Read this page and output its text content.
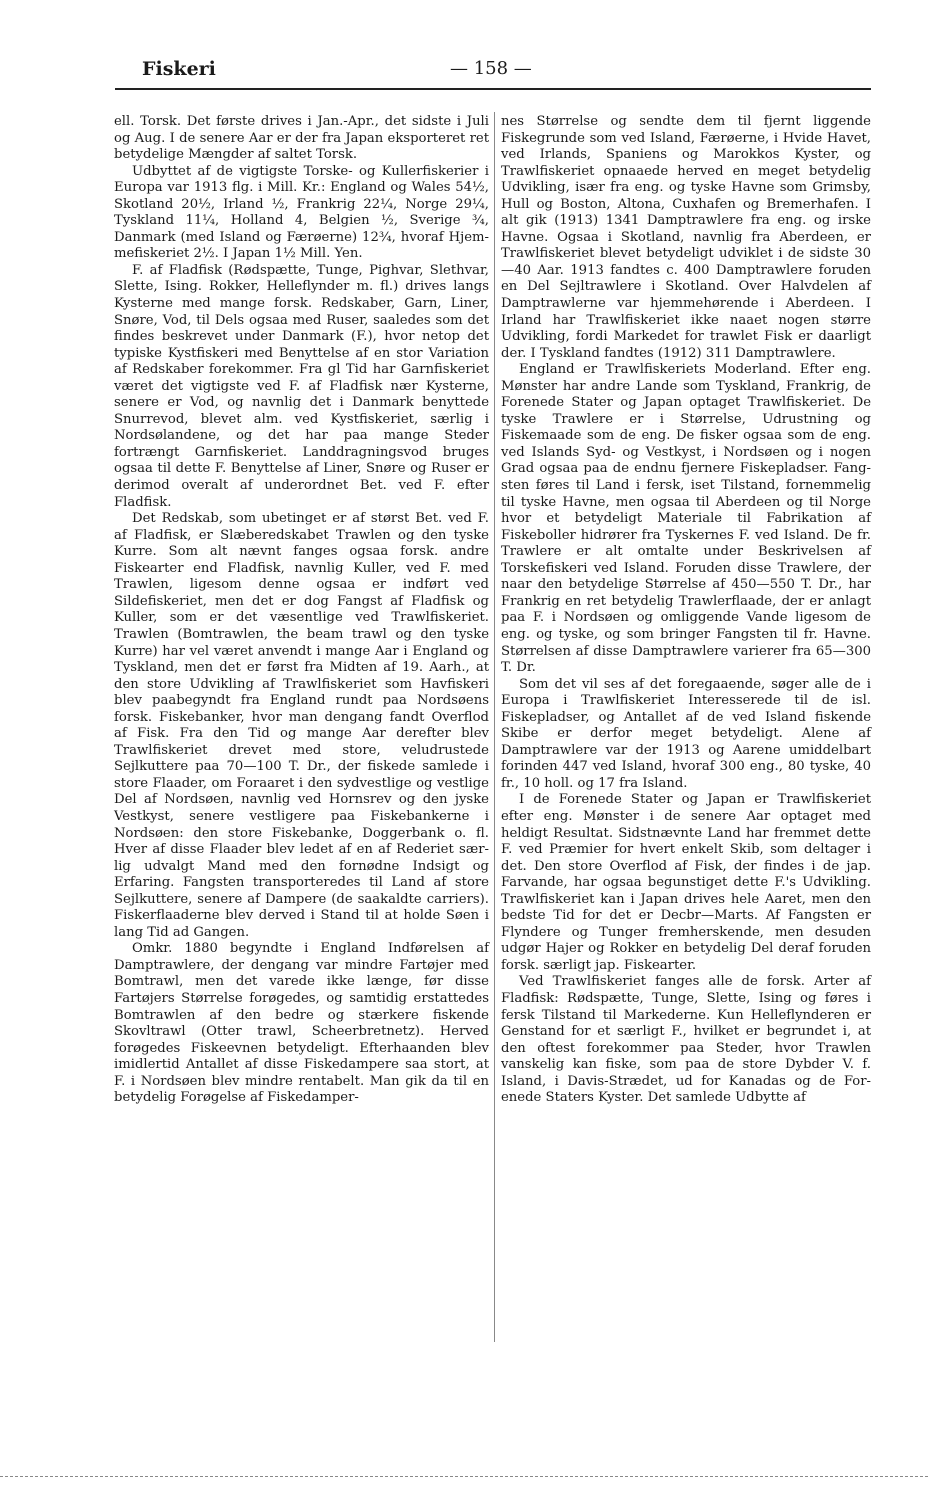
Fiskeri	— 158 —

ell. Torsk. Det første drives i Jan.-Apr., det sidste i Juli og Aug. I de senere Aar er der fra Japan eksporteret ret betydelige Mængder af saltet Torsk.

Udbyttet af de vigtigste Torske- og Kullerfiskerier i Europa var 1913 flg. i Mill. Kr.: England og Wales 54½, Skotland 20½, Irland ½, Frankrig 22¼, Norge 29¼, Tyskland 11¼, Holland 4, Belgien ½, Sverige ¾, Danmark (med Island og Færøerne) 12¾, hvoraf Hjemmefiskeriet 2½. I Japan 1½ Mill. Yen.

F. af Fladfisk (Rødspætte, Tunge, Pighvar, Slethvar, Slette, Ising. Rokker, Helleflynder m. fl.) drives langs Kysterne med mange forsk. Redskaber, Garn, Liner, Snøre, Vod, til Dels ogsaa med Ruser, saaledes som det findes beskrevet under Danmark (F.), hvor netop det typiske Kystfiskeri med Benyttelse af en stor Variation af Redskaber forekommer. Fra gl Tid har Garnfiskeriet været det vigtigste ved F. af Fladfisk nær Kysterne, senere er Vod, og navnlig det i Danmark benyttede Snurrevod, blevet alm. ved Kystfiskeriet, særlig i Nordsølandene, og det har paa mange Steder fortrængt Garnfiskeriet. Landdragningsvod bruges ogsaa til dette F. Benyttelse af Liner, Snøre og Ruser er derimod overalt af underordnet Bet. ved F. efter Fladfisk.

Det Redskab, som ubetinget er af størst Bet. ved F. af Fladfisk, er Slæberedskabet Trawlen og den tyske Kurre. Som alt nævnt fanges ogsaa forsk. andre Fiskearter end Fladfisk, navnlig Kuller, ved F. med Trawlen, ligesom denne ogsaa er indført ved Sildefiskeriet, men det er dog Fangst af Fladfisk og Kuller, som er det væsentlige ved Trawlfiskeriet. Trawlen (Bomtrawlen, the beam trawl og den tyske Kurre) har vel været anvendt i mange Aar i England og Tyskland, men det er først fra Midten af 19. Aarh., at den store Udvikling af Trawlfiskeriet som Havfiskeri blev paabegyndt fra England rundt paa Nordsøens forsk. Fiskebanker, hvor man dengang fandt Overflod af Fisk. Fra den Tid og mange Aar derefter blev Trawlfiskeriet drevet med store, veludrustede Sejlkuttere paa 70—100 T. Dr., der fiskede samlede i store Flaader, om Foraaret i den sydvestlige og vestlige Del af Nordsøen, navnlig ved Hornsrev og den jyske Vestkyst, senere vestligere paa Fiskebankerne i Nordsøen: den store Fiskebanke, Doggerbank o. fl. Hver af disse Flaader blev ledet af en af Rederiet særlig udvalgt Mand med den fornødne Indsigt og Erfaring. Fangsten transporteredes til Land af store Sejlkuttere, senere af Dampere (de saakaldte carriers). Fiskerflaaderne blev derved i Stand til at holde Søen i lang Tid ad Gangen.

Omkr. 1880 begyndte i England Indførelsen af Damptrawlere, der dengang var mindre Fartøjer med Bomtrawl, men det varede ikke længe, før disse Fartøjers Størrelse forøgedes, og samtidig erstattedes Bomtrawlen af den bedre og stærkere fiskende Skovltrawl (Otter trawl, Scheerbretnetz). Herved forøgedes Fiskeevnen betydeligt. Efterhaanden blev imidlertid Antallet af disse Fiskedampere saa stort, at F. i Nordsøen blev mindre rentabelt. Man gik da til en betydelig Forøgelse af Fiskedamper-

nes Størrelse og sendte dem til fjernt liggende Fiskegrunde som ved Island, Færøerne, i Hvide Havet, ved Irlands, Spaniens og Marokkos Kyster, og Trawlfiskeriet opnaaede herved en meget betydelig Udvikling, især fra eng. og tyske Havne som Grimsby, Hull og Boston, Altona, Cuxhafen og Bremerhafen. I alt gik (1913) 1341 Damptrawlere fra eng. og irske Havne. Ogsaa i Skotland, navnlig fra Aberdeen, er Trawlfiskeriet blevet betydeligt udviklet i de sidste 30—40 Aar. 1913 fandtes c. 400 Damptrawlere foruden en Del Sejltrawlere i Skotland. Over Halvdelen af Damptrawlerne var hjemmehørende i Aberdeen. I Irland har Trawlfiskeriet ikke naaet nogen større Udvikling, fordi Markedet for trawlet Fisk er daarligt der. I Tyskland fandtes (1912) 311 Damptrawlere.

England er Trawlfiskeriets Moderland. Efter eng. Mønster har andre Lande som Tyskland, Frankrig, de Forenede Stater og Japan optaget Trawlfiskeriet. De tyske Trawlere er i Størrelse, Udrustning og Fiskemaade som de eng. De fisker ogsaa som de eng. ved Islands Syd- og Vestkyst, i Nordsøen og i nogen Grad ogsaa paa de endnu fjernere Fiskepladser. Fangsten føres til Land i fersk, iset Tilstand, fornemmelig til tyske Havne, men ogsaa til Aberdeen og til Norge hvor et betydeligt Materiale til Fabrikation af Fiskeboller hidrører fra Tyskernes F. ved Island. De fr. Trawlere er alt omtalte under Beskrivelsen af Torskefiskeri ved Island. Foruden disse Trawlere, der naar den betydelige Størrelse af 450—550 T. Dr., har Frankrig en ret betydelig Trawlerflaade, der er anlagt paa F. i Nordsøen og omliggende Vande ligesom de eng. og tyske, og som bringer Fangsten til fr. Havne. Størrelsen af disse Damptrawlere varierer fra 65—300 T. Dr.

Som det vil ses af det foregaaende, søger alle de i Europa i Trawlfiskeriet Interesserede til de isl. Fiskepladser, og Antallet af de ved Island fiskende Skibe er derfor meget betydeligt. Alene af Damptrawlere var der 1913 og Aarene umiddelbart forinden 447 ved Island, hvoraf 300 eng., 80 tyske, 40 fr., 10 holl. og 17 fra Island.

I de Forenede Stater og Japan er Trawlfiskeriet efter eng. Mønster i de senere Aar optaget med heldigt Resultat. Sidstnævnte Land har fremmet dette F. ved Præmier for hvert enkelt Skib, som deltager i det. Den store Overflod af Fisk, der findes i de jap. Farvande, har ogsaa begunstiget dette F.'s Udvikling. Trawlfiskeriet kan i Japan drives hele Aaret, men den bedste Tid for det er Decbr—Marts. Af Fangsten er Flyndere og Tunger fremherskende, men desuden udgør Hajer og Rokker en betydelig Del deraf foruden forsk. særligt jap. Fiskearter.

Ved Trawlfiskeriet fanges alle de forsk. Arter af Fladfisk: Rødspætte, Tunge, Slette, Ising og føres i fersk Tilstand til Markederne. Kun Helleflynderen er Genstand for et særligt F., hvilket er begrundet i, at den oftest forekommer paa Steder, hvor Trawlen vanskelig kan fiske, som paa de store Dybder V. f. Island, i Davis-Strædet, ud for Kanadas og de Forenede Staters Kyster. Det samlede Udbytte af
